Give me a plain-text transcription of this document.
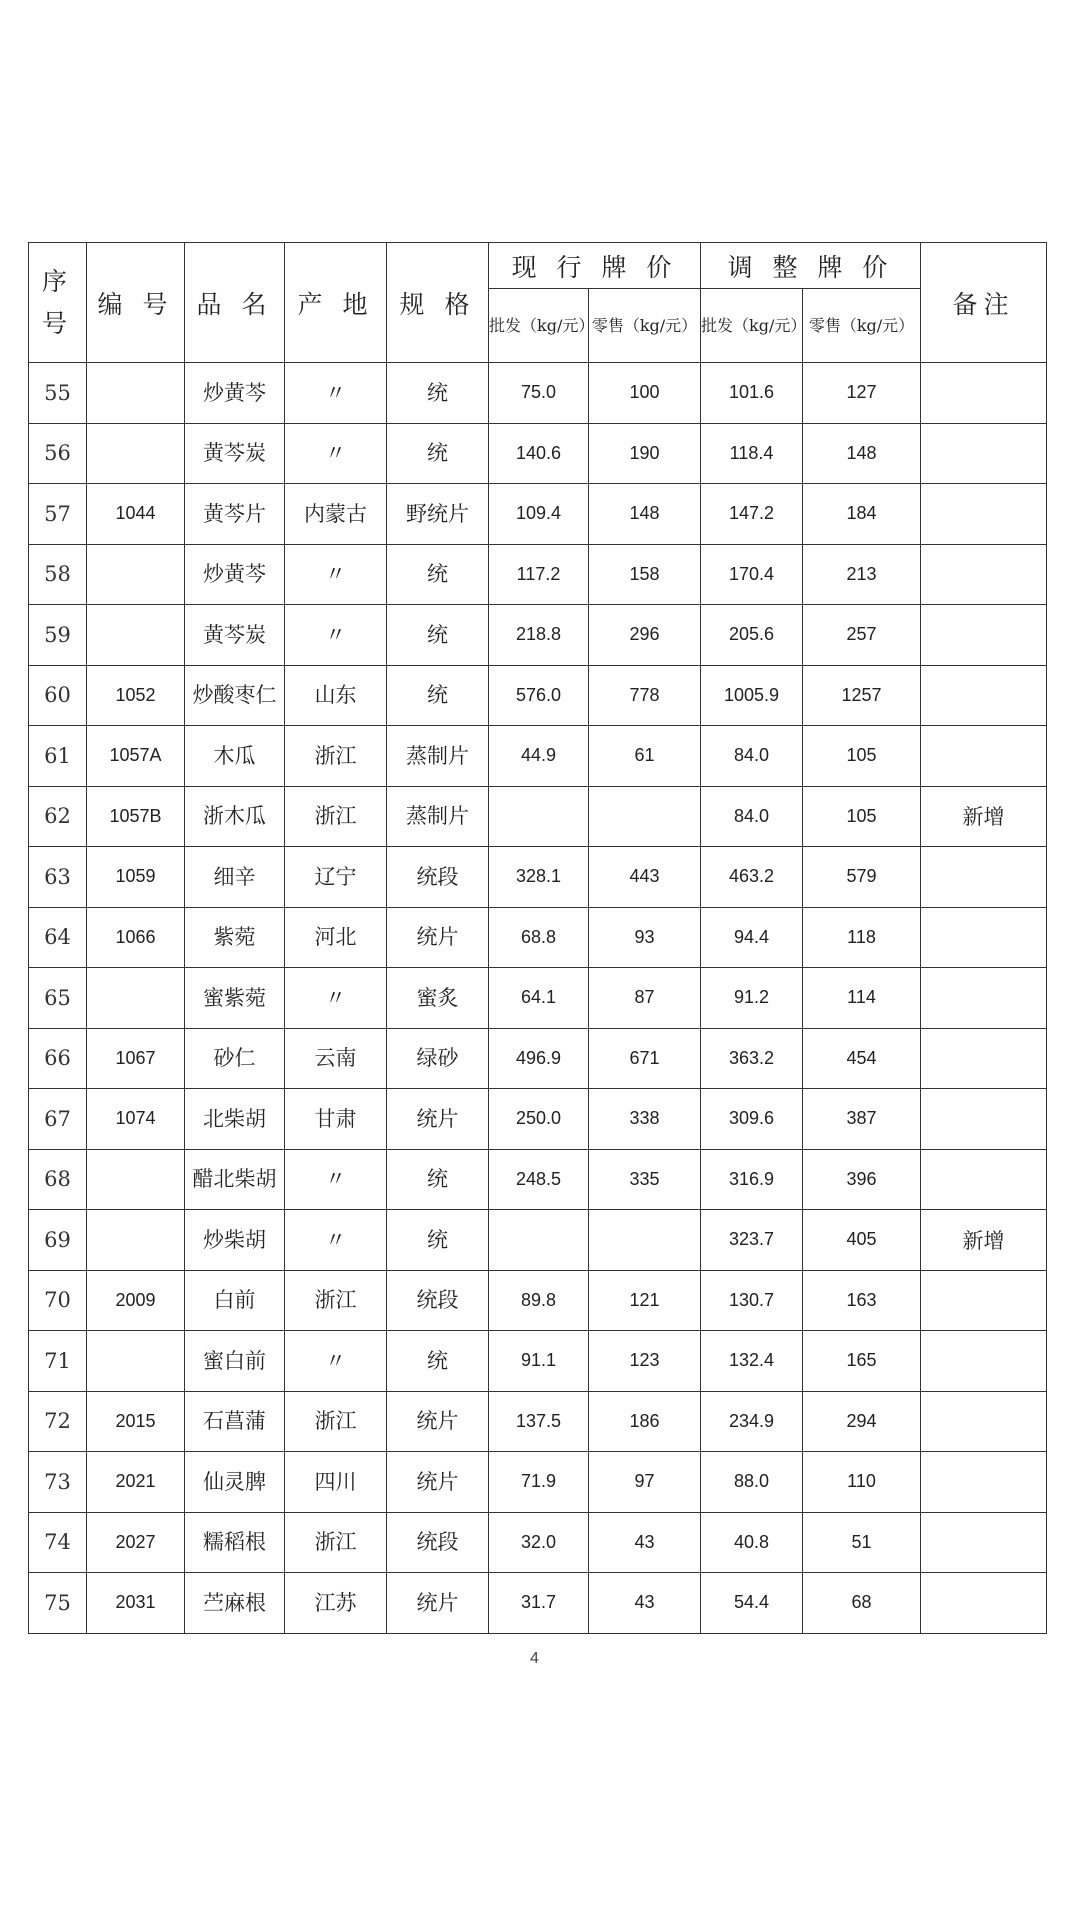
序
号	编 号	品 名	产 地	规 格	现 行 牌 价		调 整 牌 价		备注
					批发（kg/元）	零售（kg/元）	批发（kg/元）	零售（kg/元）	
55		炒黄芩	〃	统	75.0	100	101.6	127	
56		黄芩炭	〃	统	140.6	190	118.4	148	
57	1044	黄芩片	内蒙古	野统片	109.4	148	147.2	184	
58		炒黄芩	〃	统	117.2	158	170.4	213	
59		黄芩炭	〃	统	218.8	296	205.6	257	
60	1052	炒酸枣仁	山东	统	576.0	778	1005.9	1257	
61	1057A	木瓜	浙江	蒸制片	44.9	61	84.0	105	
62	1057B	浙木瓜	浙江	蒸制片			84.0	105	新增
63	1059	细辛	辽宁	统段	328.1	443	463.2	579	
64	1066	紫菀	河北	统片	68.8	93	94.4	118	
65		蜜紫菀	〃	蜜炙	64.1	87	91.2	114	
66	1067	砂仁	云南	绿砂	496.9	671	363.2	454	
67	1074	北柴胡	甘肃	统片	250.0	338	309.6	387	
68		醋北柴胡	〃	统	248.5	335	316.9	396	
69		炒柴胡	〃	统			323.7	405	新增
70	2009	白前	浙江	统段	89.8	121	130.7	163	
71		蜜白前	〃	统	91.1	123	132.4	165	
72	2015	石菖蒲	浙江	统片	137.5	186	234.9	294	
73	2021	仙灵脾	四川	统片	71.9	97	88.0	110	
74	2027	糯稻根	浙江	统段	32.0	43	40.8	51	
75	2031	苎麻根	江苏	统片	31.7	43	54.4	68	
4
